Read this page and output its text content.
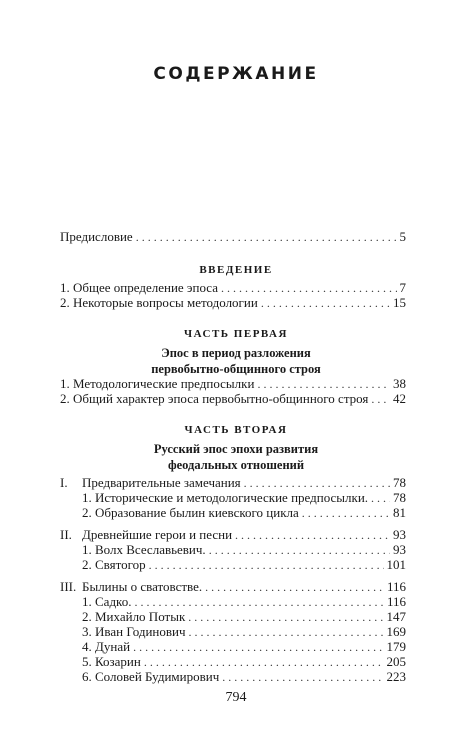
СОДЕРЖАНИЕ
Предисловие . . .	5
ВВЕДЕНИЕ
1. Общее определение эпоса . . .	7
2. Некоторые вопросы методологии . . .	15
ЧАСТЬ ПЕРВАЯ
Эпос в период разложения
первобытно-общинного строя
1. Методологические предпосылки . . .	38
2. Общий характер эпоса первобытно-общинного строя . . . 42
ЧАСТЬ ВТОРАЯ
Русский эпос эпохи развития
феодальных отношений
I.	Предварительные замечания . . .	78
1. Исторические и методологические предпосылки. . . . 78
2. Образование былин киевского цикла . . .	81
II. Древнейшие герои и песни . . .	93
1. Волх Всеславьевич. . . .	93
2. Святогор . . .	101
III. Былины о сватовстве. . . .	116
1. Садко. . . .	116
2. Михайло Потык . . .	147
3. Иван Годинович . . .	169
4. Дунай . . .	179
5. Козарин . . .	205
6. Соловей Будимирович . . .	223
794
